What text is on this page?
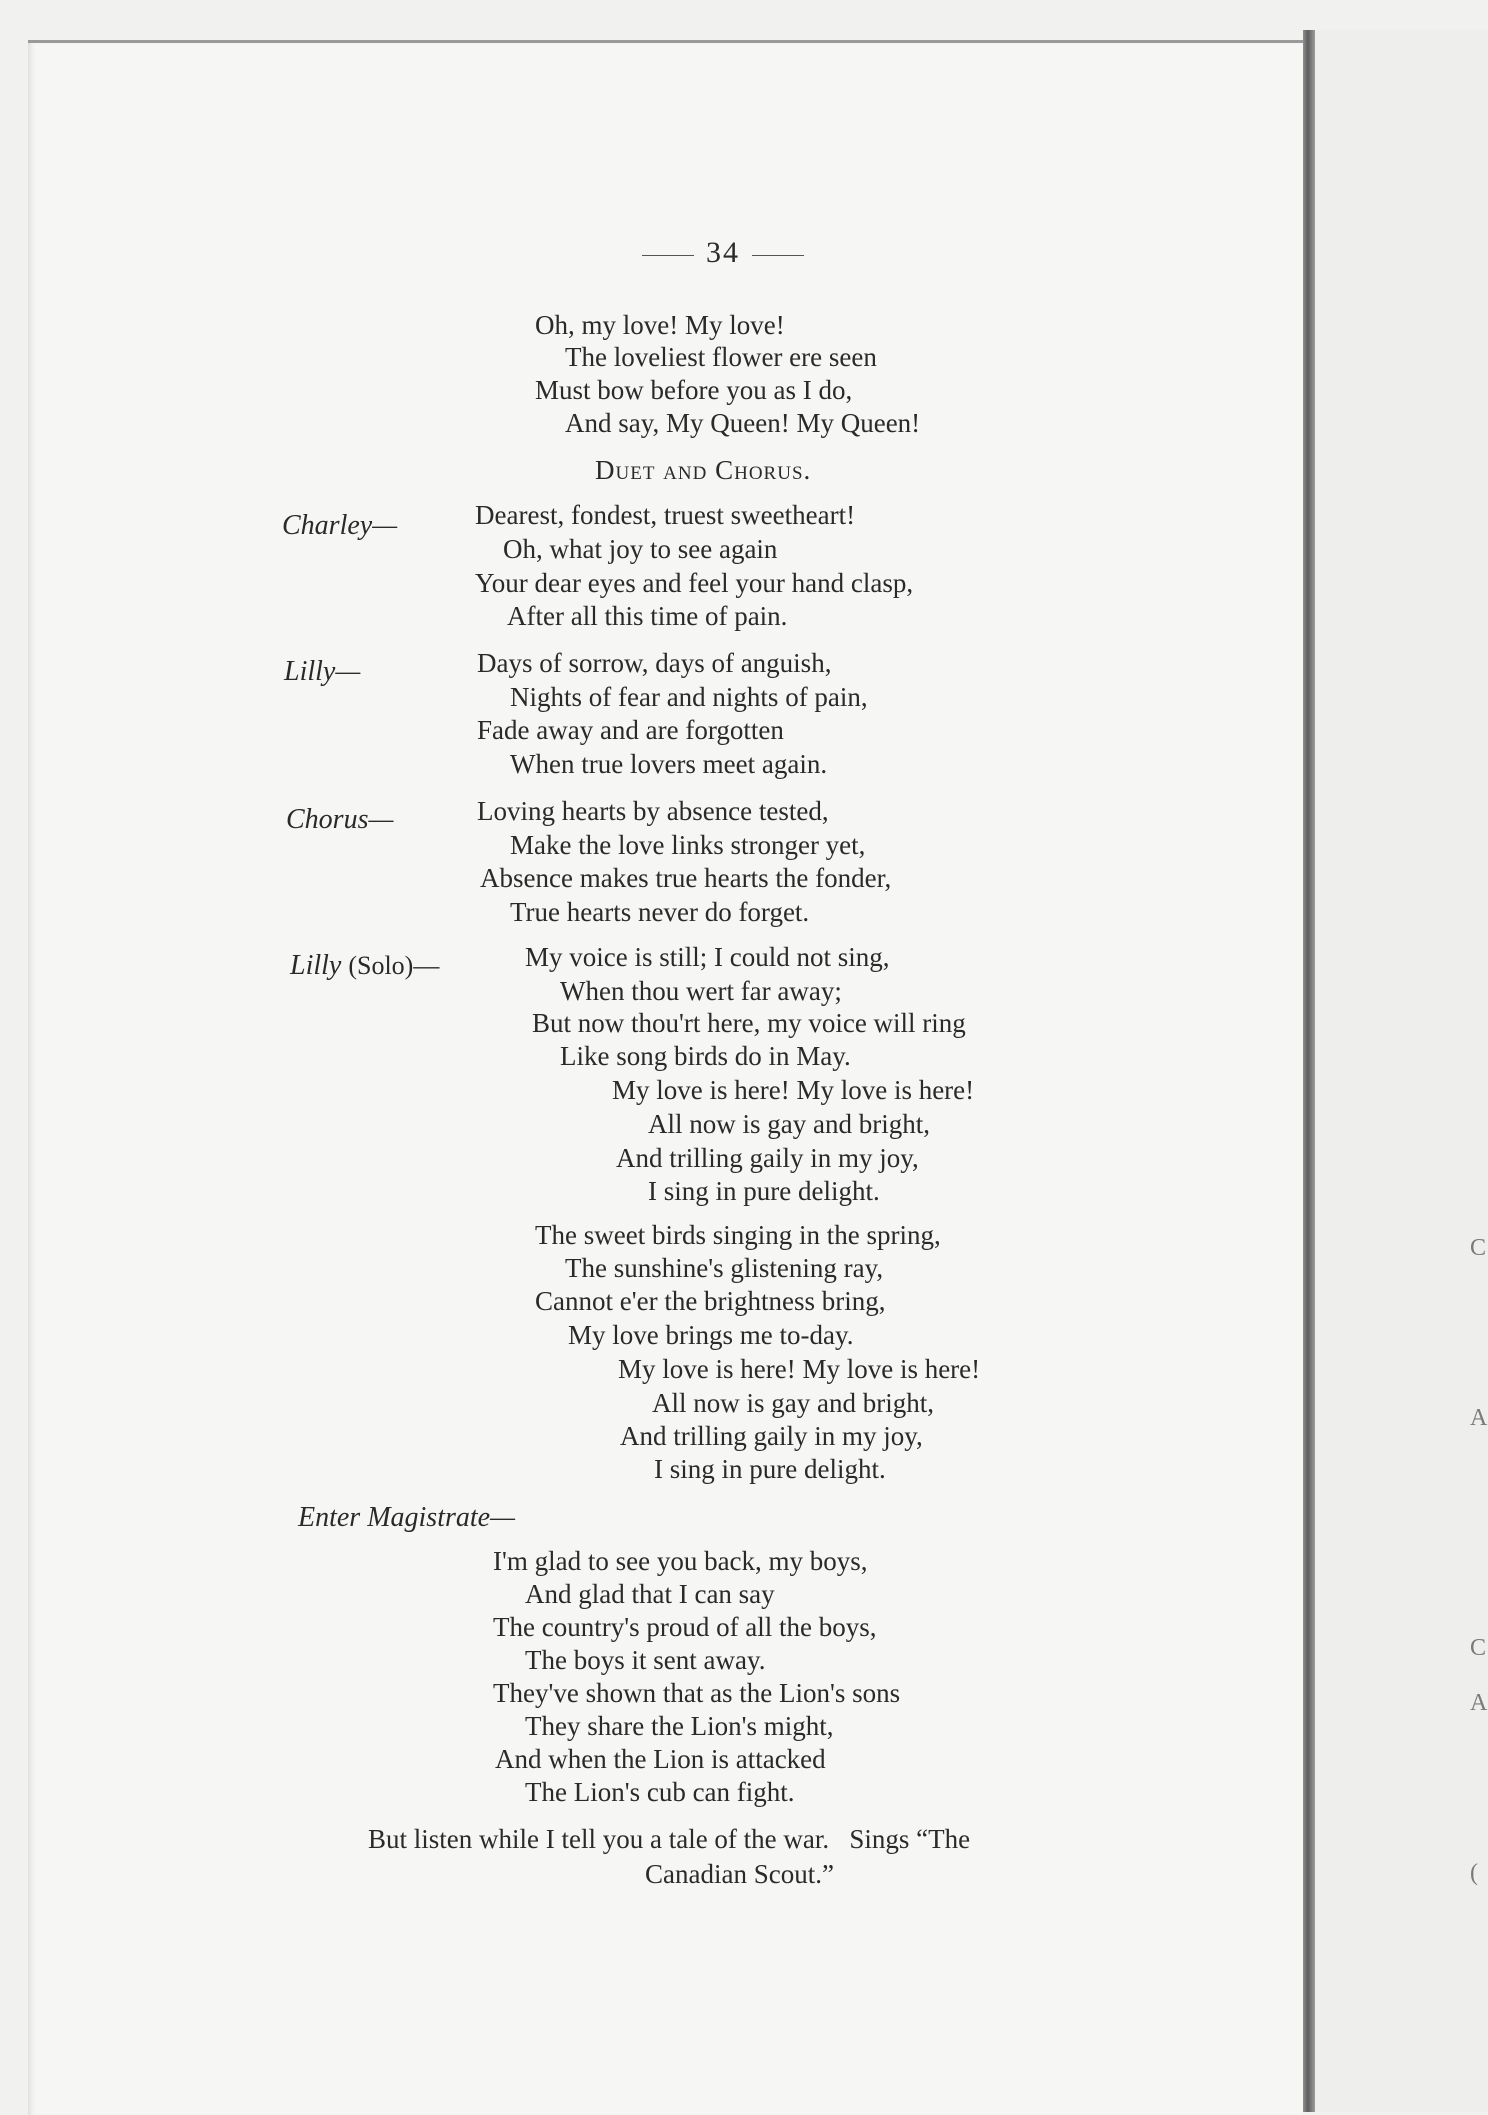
C
A
C
A
(
34
Oh, my love! My love!
The loveliest flower ere seen
Must bow before you as I do,
And say, My Queen! My Queen!
Duet and Chorus.
Charley—	Dearest, fondest, truest sweetheart!
Oh, what joy to see again
Your dear eyes and feel your hand clasp,
After all this time of pain.
Lilly—	Days of sorrow, days of anguish,
Nights of fear and nights of pain,
Fade away and are forgotten
When true lovers meet again.
Chorus—	Loving hearts by absence tested,
Make the love links stronger yet,
Absence makes true hearts the fonder,
True hearts never do forget.
Lilly (Solo)—	My voice is still; I could not sing,
When thou wert far away;
But now thou'rt here, my voice will ring
Like song birds do in May.
My love is here! My love is here!
All now is gay and bright,
And trilling gaily in my joy,
I sing in pure delight.
The sweet birds singing in the spring,
The sunshine's glistening ray,
Cannot e'er the brightness bring,
My love brings me to-day.
My love is here! My love is here!
All now is gay and bright,
And trilling gaily in my joy,
I sing in pure delight.
Enter Magistrate—
I'm glad to see you back, my boys,
And glad that I can say
The country's proud of all the boys,
The boys it sent away.
They've shown that as the Lion's sons
They share the Lion's might,
And when the Lion is attacked
The Lion's cub can fight.
But listen while I tell you a tale of the war.   Sings “The
Canadian Scout.”
